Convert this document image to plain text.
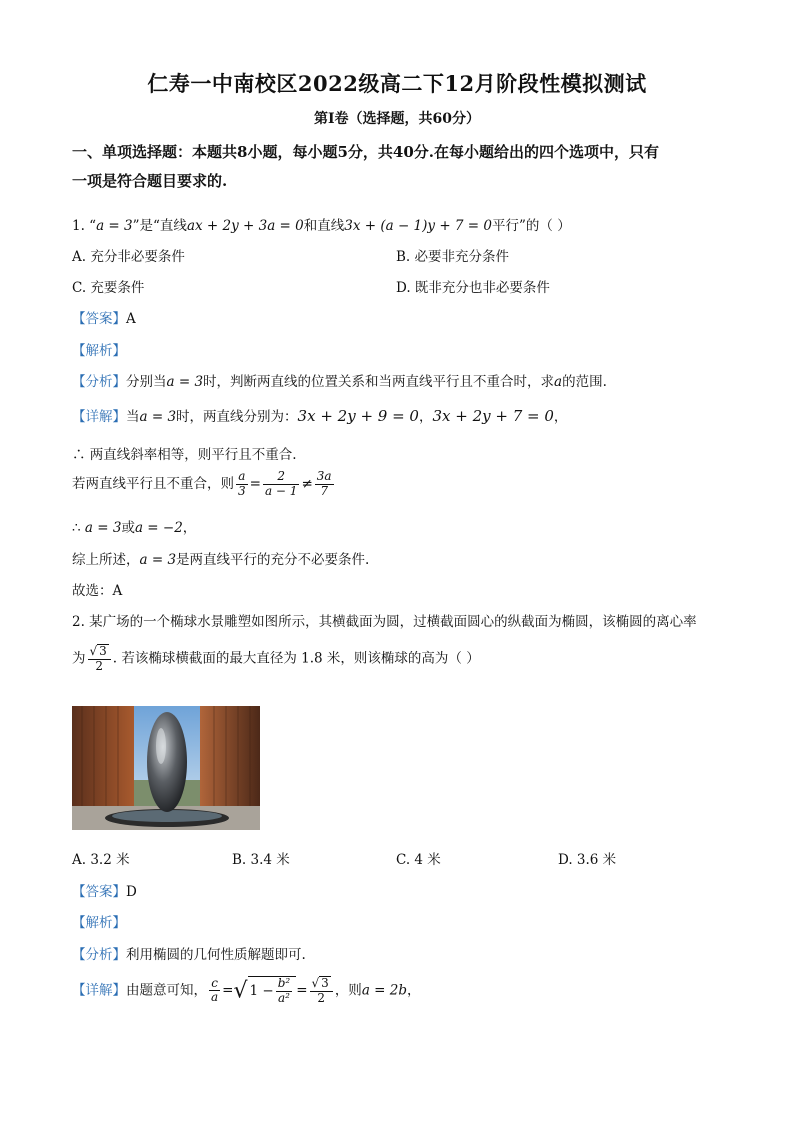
仁寿一中南校区2022级高二下12月阶段性模拟测试
第Ⅰ卷（选择题，共60分）
一、单项选择题：本题共8小题，每小题5分，共40分.在每小题给出的四个选项中，只有
一项是符合题目要求的.
1. “a = 3”是“直线ax + 2y + 3a = 0和直线3x + (a − 1)y + 7 = 0平行”的（ ）
A. 充分非必要条件	B. 必要非充分条件
C. 充要条件	D. 既非充分也非必要条件
【答案】A
【解析】
【分析】分别当a = 3时，判断两直线的位置关系和当两直线平行且不重合时，求a的范围.
【详解】当a = 3时，两直线分别为：3x + 2y + 9 = 0，3x + 2y + 7 = 0，
∴ 两直线斜率相等，则平行且不重合.
若两直线平行且不重合，则 $\frac{a}{3} = \frac{2}{a - 1} \ne \frac{3a}{7}$
∴ a = 3或a = −2，
综上所述，a = 3是两直线平行的充分不必要条件.
故选：A
2. 某广场的一个椭球水景雕塑如图所示，其横截面为圆，过横截面圆心的纵截面为椭圆，该椭圆的离心率
为 $\frac{√ 3}{2}$ . 若该椭球横截面的最大直径为 1.8 米，则该椭球的高为（ ）
A. 3.2 米	B. 3.4 米	C. 4 米	D. 3.6 米
【答案】D
【解析】
【分析】利用椭圆的几何性质解题即可.
【详解】由题意可知， $\frac{c}{a}$ =√ $1 - \frac{\text{b²}}{\text{a²}} = \frac{√ 3}{2}$ ，则a = 2b，
